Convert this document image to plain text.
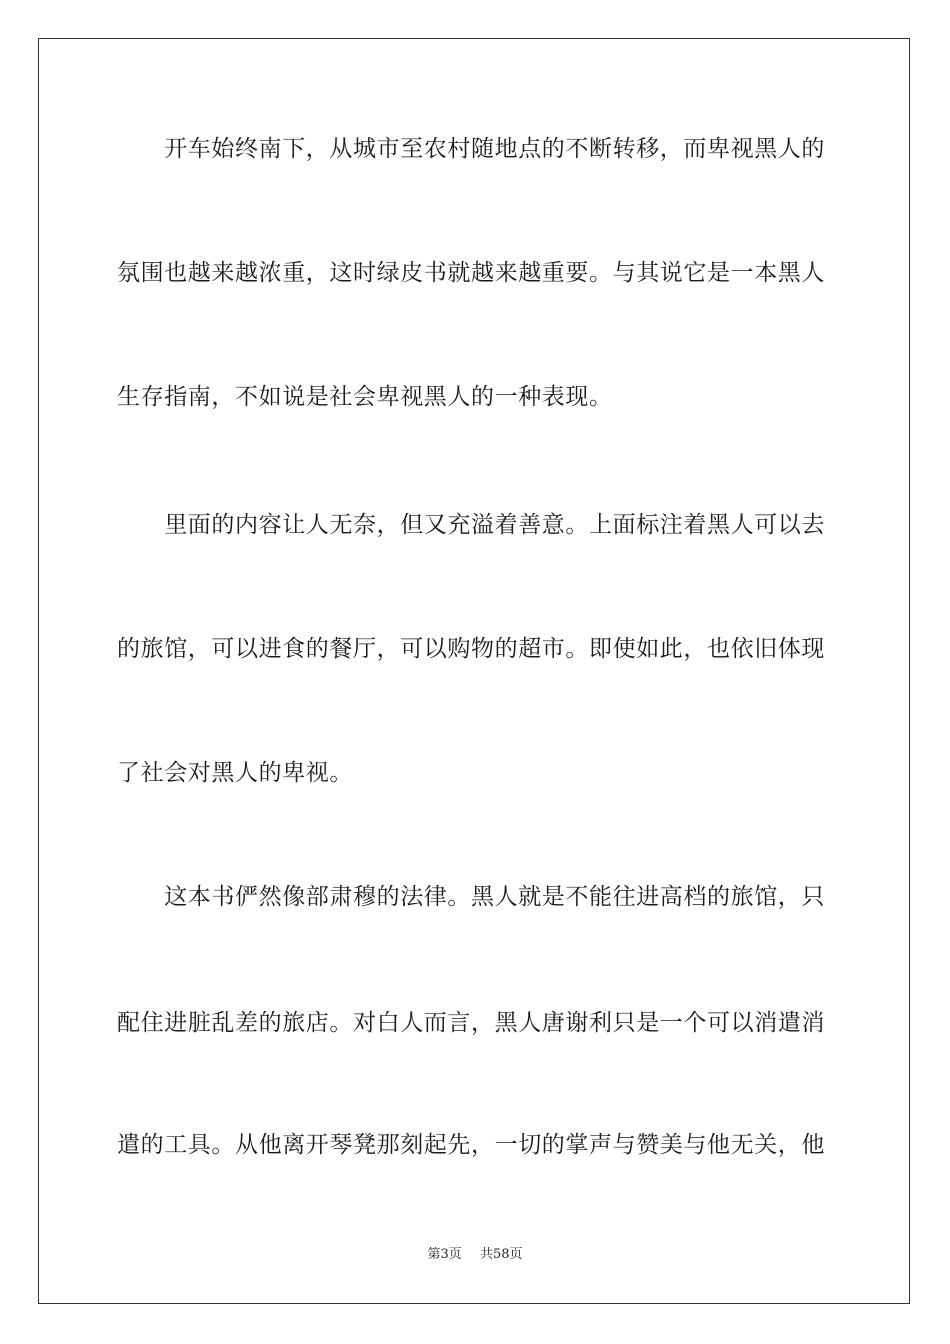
　　开车始终南下，从城市至农村随地点的不断转移，而卑视黑人的
氛围也越来越浓重，这时绿皮书就越来越重要。与其说它是一本黑人
生存指南，不如说是社会卑视黑人的一种表现。
　　里面的内容让人无奈，但又充溢着善意。上面标注着黑人可以去
的旅馆，可以进食的餐厅，可以购物的超市。即使如此，也依旧体现
了社会对黑人的卑视。
　　这本书俨然像部肃穆的法律。黑人就是不能往进高档的旅馆，只
配住进脏乱差的旅店。对白人而言，黑人唐谢利只是一个可以消遣消
遣的工具。从他离开琴凳那刻起先，一切的掌声与赞美与他无关，他
第3页 共58页
